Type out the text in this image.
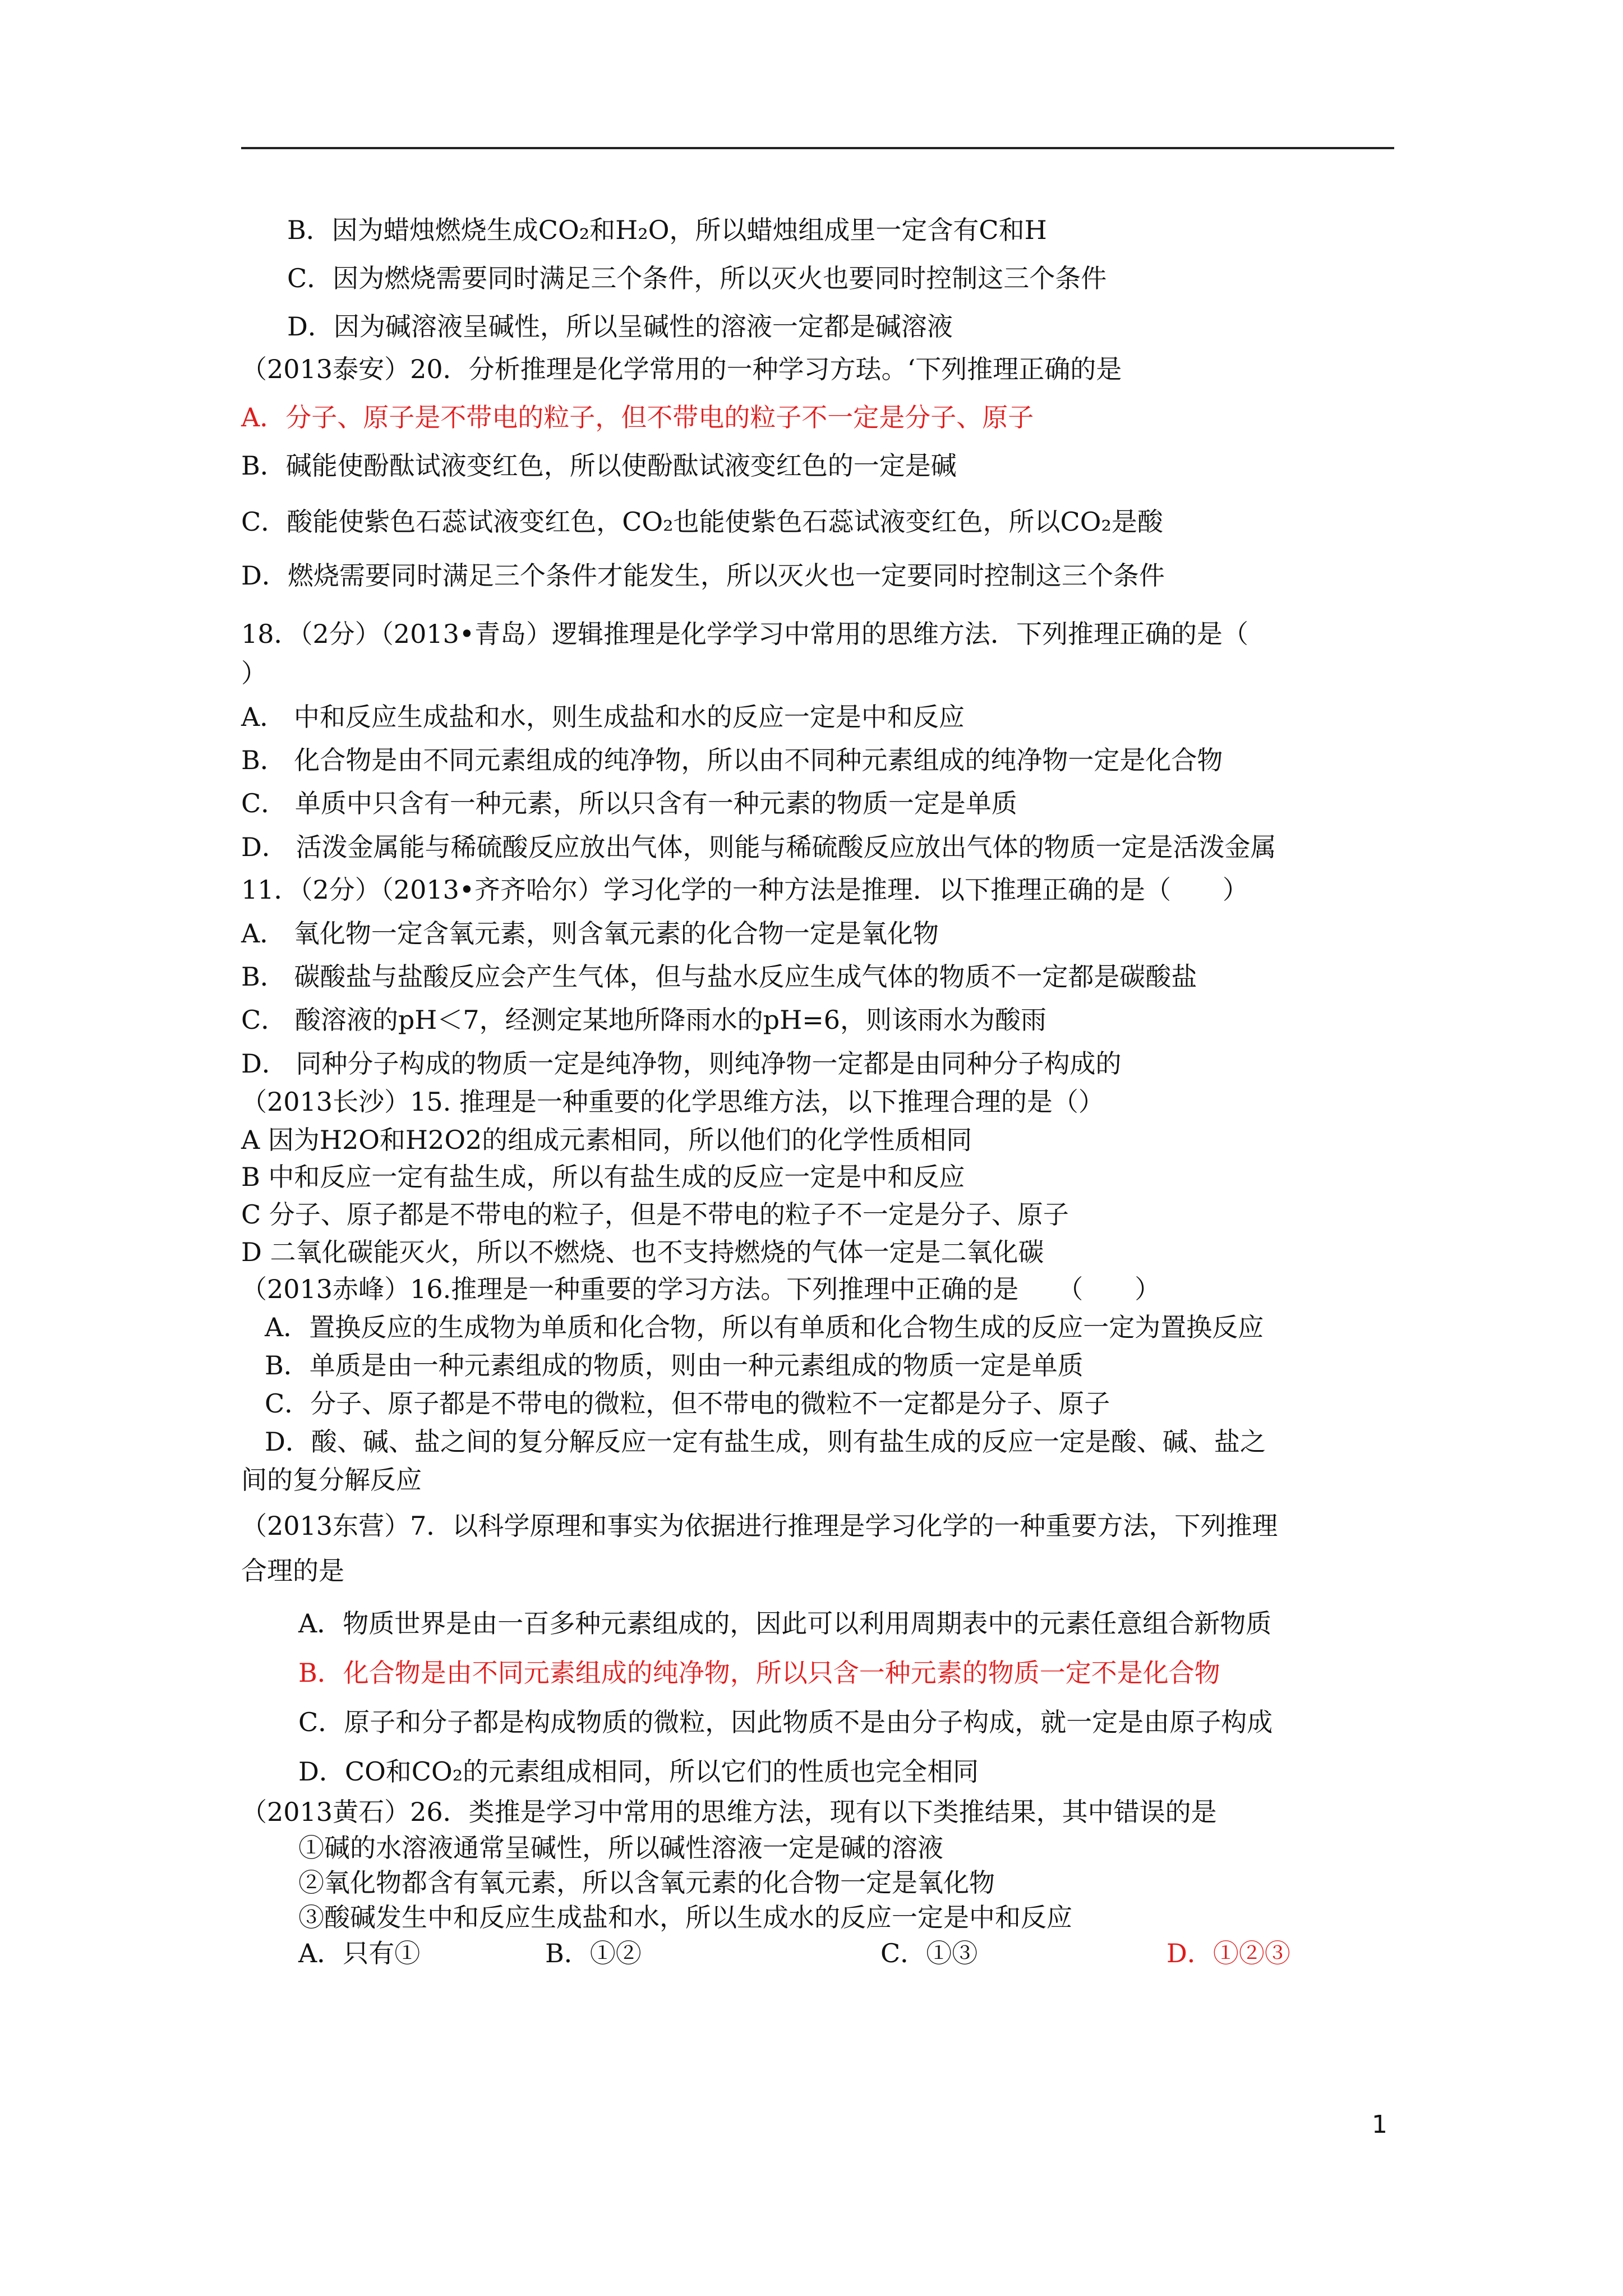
B．因为蜡烛燃烧生成CO₂和H₂O，所以蜡烛组成里一定含有C和H
C．因为燃烧需要同时满足三个条件，所以灭火也要同时控制这三个条件
D．因为碱溶液呈碱性，所以呈碱性的溶液一定都是碱溶液
（2013泰安）20．分析推理是化学常用的一种学习方珐。‘下列推理正确的是
A．分子、原子是不带电的粒子，但不带电的粒子不一定是分子、原子
B．碱能使酚酞试液变红色，所以使酚酞试液变红色的一定是碱
C．酸能使紫色石蕊试液变红色，CO₂也能使紫色石蕊试液变红色，所以CO₂是酸
D．燃烧需要同时满足三个条件才能发生，所以灭火也一定要同时控制这三个条件
18．（2分）（2013•青岛）逻辑推理是化学学习中常用的思维方法．下列推理正确的是（
）
A． 中和反应生成盐和水，则生成盐和水的反应一定是中和反应
B． 化合物是由不同元素组成的纯净物，所以由不同种元素组成的纯净物一定是化合物
C． 单质中只含有一种元素，所以只含有一种元素的物质一定是单质
D． 活泼金属能与稀硫酸反应放出气体，则能与稀硫酸反应放出气体的物质一定是活泼金属
11．（2分）（2013•齐齐哈尔）学习化学的一种方法是推理．以下推理正确的是（　　）
A． 氧化物一定含氧元素，则含氧元素的化合物一定是氧化物
B． 碳酸盐与盐酸反应会产生气体，但与盐水反应生成气体的物质不一定都是碳酸盐
C． 酸溶液的pH＜7，经测定某地所降雨水的pH=6，则该雨水为酸雨
D． 同种分子构成的物质一定是纯净物，则纯净物一定都是由同种分子构成的
（2013长沙）15. 推理是一种重要的化学思维方法，以下推理合理的是（）
A 因为H2O和H2O2的组成元素相同，所以他们的化学性质相同
B 中和反应一定有盐生成，所以有盐生成的反应一定是中和反应
C 分子、原子都是不带电的粒子，但是不带电的粒子不一定是分子、原子
D 二氧化碳能灭火，所以不燃烧、也不支持燃烧的气体一定是二氧化碳
（2013赤峰）16.推理是一种重要的学习方法。下列推理中正确的是　　（　　）
A．置换反应的生成物为单质和化合物，所以有单质和化合物生成的反应一定为置换反应
B．单质是由一种元素组成的物质，则由一种元素组成的物质一定是单质
C．分子、原子都是不带电的微粒，但不带电的微粒不一定都是分子、原子
D．酸、碱、盐之间的复分解反应一定有盐生成，则有盐生成的反应一定是酸、碱、盐之
间的复分解反应
（2013东营）7．以科学原理和事实为依据进行推理是学习化学的一种重要方法，下列推理
合理的是
A．物质世界是由一百多种元素组成的，因此可以利用周期表中的元素任意组合新物质
B．化合物是由不同元素组成的纯净物，所以只含一种元素的物质一定不是化合物
C．原子和分子都是构成物质的微粒，因此物质不是由分子构成，就一定是由原子构成
D．CO和CO₂的元素组成相同，所以它们的性质也完全相同
（2013黄石）26．类推是学习中常用的思维方法，现有以下类推结果，其中错误的是
①碱的水溶液通常呈碱性，所以碱性溶液一定是碱的溶液
②氧化物都含有氧元素，所以含氧元素的化合物一定是氧化物
③酸碱发生中和反应生成盐和水，所以生成水的反应一定是中和反应
A．只有①	B．①②	C．①③	D．①②③
1
